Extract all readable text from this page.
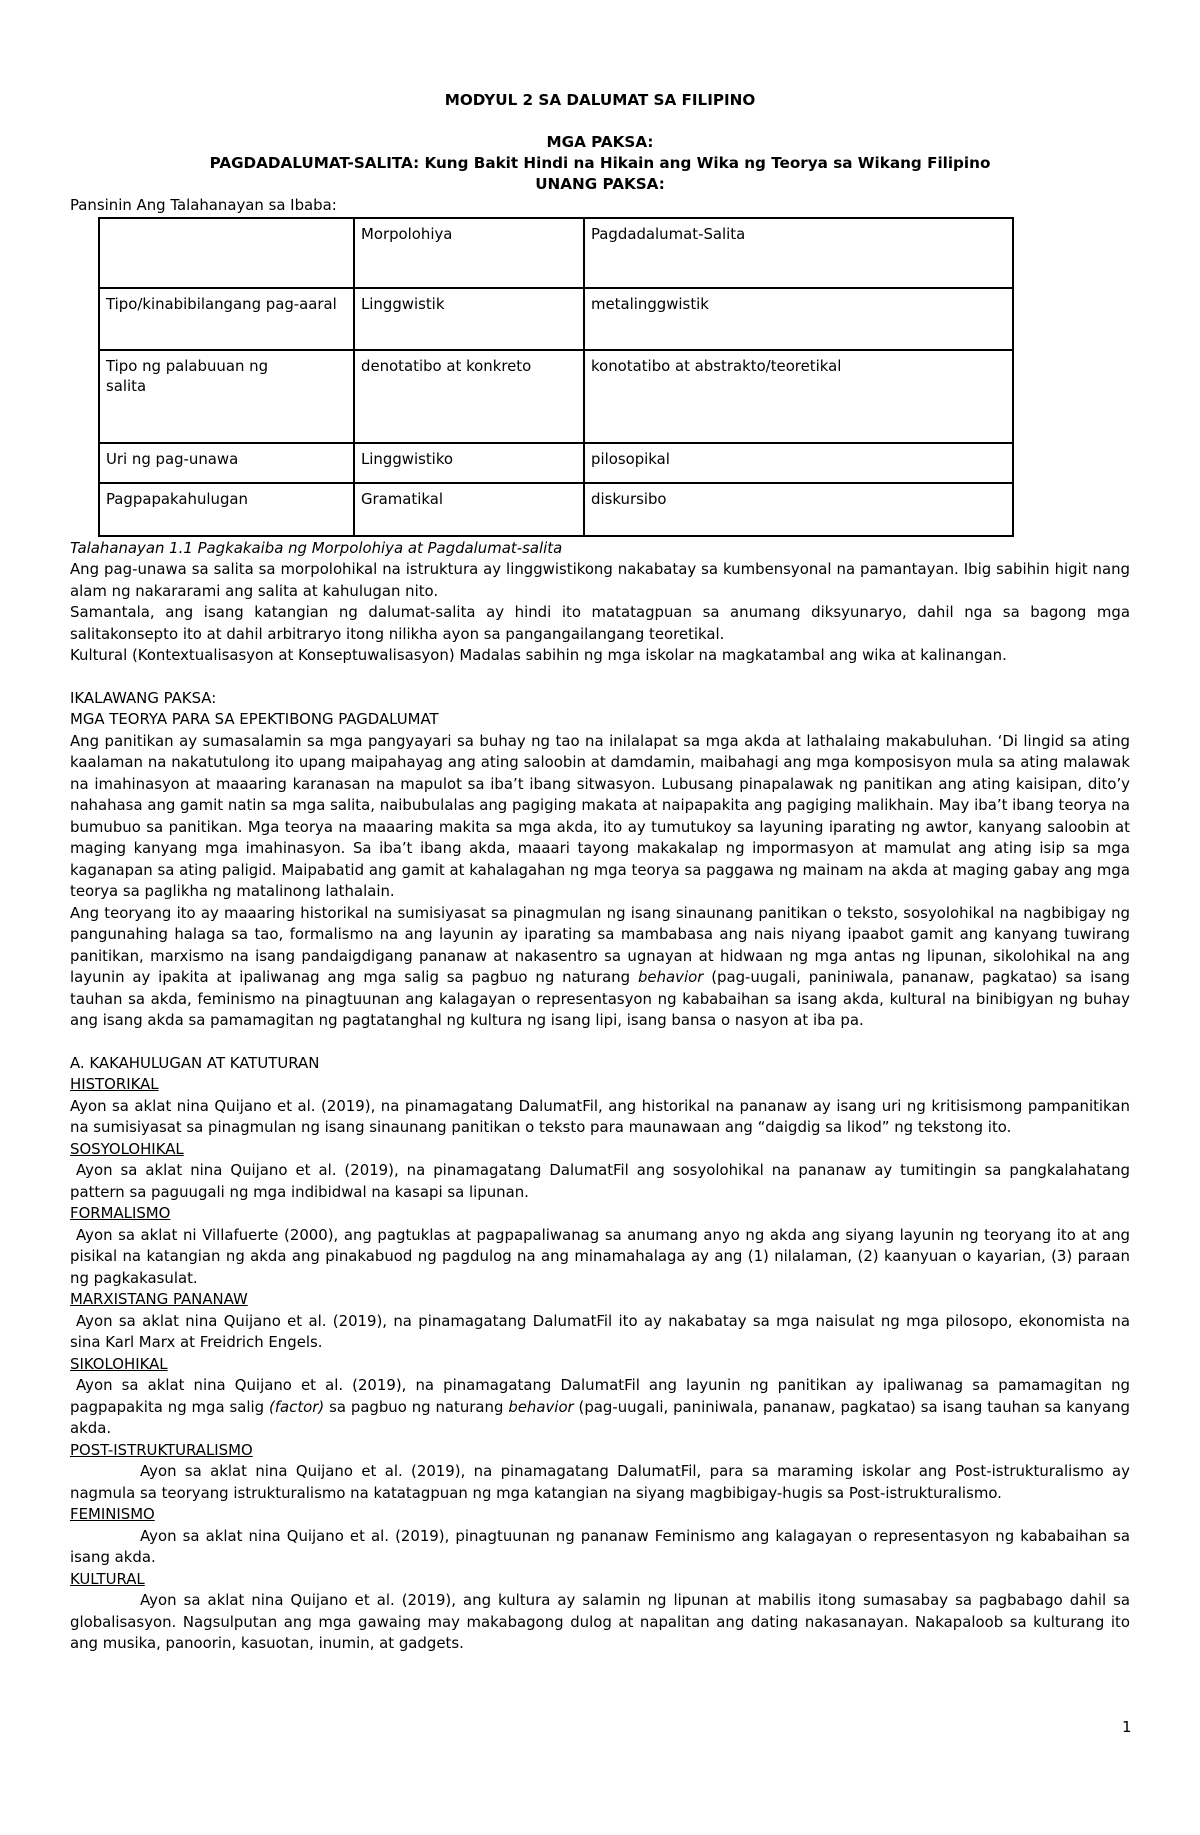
MODYUL 2 SA DALUMAT SA FILIPINO
MGA PAKSA:
PAGDADALUMAT-SALITA: Kung Bakit Hindi na Hikain ang Wika ng Teorya sa Wikang Filipino
UNANG PAKSA:
Pansinin Ang Talahanayan sa Ibaba:
	Morpolohiya	Pagdadalumat-Salita
Tipo/kinabibilangang pag-aaral	Linggwistik	metalinggwistik
Tipo ng palabuuan ng salita	denotatibo at konkreto	konotatibo at abstrakto/teoretikal
Uri ng pag-unawa	Linggwistiko	pilosopikal
Pagpapakahulugan	Gramatikal	diskursibo
Talahanayan 1.1 Pagkakaiba ng Morpolohiya at Pagdalumat-salita
Ang pag-unawa sa salita sa morpolohikal na istruktura ay linggwistikong nakabatay sa kumbensyonal na pamantayan. Ibig sabihin higit nang alam ng nakararami ang salita at kahulugan nito.
Samantala, ang isang katangian ng dalumat-salita ay hindi ito matatagpuan sa anumang diksyunaryo, dahil nga sa bagong mga salitakonsepto ito at dahil arbitraryo itong nilikha ayon sa pangangailangang teoretikal.
Kultural (Kontextualisasyon at Konseptuwalisasyon) Madalas sabihin ng mga iskolar na magkatambal ang wika at kalinangan.
IKALAWANG PAKSA:
MGA TEORYA PARA SA EPEKTIBONG PAGDALUMAT
Ang panitikan ay sumasalamin sa mga pangyayari sa buhay ng tao na inilalapat sa mga akda at lathalaing makabuluhan. ‘Di lingid sa ating kaalaman na nakatutulong ito upang maipahayag ang ating saloobin at damdamin, maibahagi ang mga komposisyon mula sa ating malawak na imahinasyon at maaaring karanasan na mapulot sa iba’t ibang sitwasyon. Lubusang pinapalawak ng panitikan ang ating kaisipan, dito’y nahahasa ang gamit natin sa mga salita, naibubulalas ang pagiging makata at naipapakita ang pagiging malikhain. May iba’t ibang teorya na bumubuo sa panitikan. Mga teorya na maaaring makita sa mga akda, ito ay tumutukoy sa layuning iparating ng awtor, kanyang saloobin at maging kanyang mga imahinasyon. Sa iba’t ibang akda, maaari tayong makakalap ng impormasyon at mamulat ang ating isip sa mga kaganapan sa ating paligid. Maipabatid ang gamit at kahalagahan ng mga teorya sa paggawa ng mainam na akda at maging gabay ang mga teorya sa paglikha ng matalinong lathalain.
Ang teoryang ito ay maaaring historikal na sumisiyasat sa pinagmulan ng isang sinaunang panitikan o teksto, sosyolohikal na nagbibigay ng pangunahing halaga sa tao, formalismo na ang layunin ay iparating sa mambabasa ang nais niyang ipaabot gamit ang kanyang tuwirang panitikan, marxismo na isang pandaigdigang pananaw at nakasentro sa ugnayan at hidwaan ng mga antas ng lipunan, sikolohikal na ang layunin ay ipakita at ipaliwanag ang mga salig sa pagbuo ng naturang behavior (pag-uugali, paniniwala, pananaw, pagkatao) sa isang tauhan sa akda, feminismo na pinagtuunan ang kalagayan o representasyon ng kababaihan sa isang akda, kultural na binibigyan ng buhay ang isang akda sa pamamagitan ng pagtatanghal ng kultura ng isang lipi, isang bansa o nasyon at iba pa.
A. KAKAHULUGAN AT KATUTURAN
HISTORIKAL
Ayon sa aklat nina Quijano et al. (2019), na pinamagatang DalumatFil, ang historikal na pananaw ay isang uri ng kritisismong pampanitikan na sumisiyasat sa pinagmulan ng isang sinaunang panitikan o teksto para maunawaan ang “daigdig sa likod” ng tekstong ito.
SOSYOLOHIKAL
Ayon sa aklat nina Quijano et al. (2019), na pinamagatang DalumatFil ang sosyolohikal na pananaw ay tumitingin sa pangkalahatang pattern sa paguugali ng mga indibidwal na kasapi sa lipunan.
FORMALISMO
Ayon sa aklat ni Villafuerte (2000), ang pagtuklas at pagpapaliwanag sa anumang anyo ng akda ang siyang layunin ng teoryang ito at ang pisikal na katangian ng akda ang pinakabuod ng pagdulog na ang minamahalaga ay ang (1) nilalaman, (2) kaanyuan o kayarian, (3) paraan ng pagkakasulat.
MARXISTANG PANANAW
Ayon sa aklat nina Quijano et al. (2019), na pinamagatang DalumatFil ito ay nakabatay sa mga naisulat ng mga pilosopo, ekonomista na sina Karl Marx at Freidrich Engels.
SIKOLOHIKAL
Ayon sa aklat nina Quijano et al. (2019), na pinamagatang DalumatFil ang layunin ng panitikan ay ipaliwanag sa pamamagitan ng pagpapakita ng mga salig (factor) sa pagbuo ng naturang behavior (pag-uugali, paniniwala, pananaw, pagkatao) sa isang tauhan sa kanyang akda.
POST-ISTRUKTURALISMO
Ayon sa aklat nina Quijano et al. (2019), na pinamagatang DalumatFil, para sa maraming iskolar ang Post-istrukturalismo ay nagmula sa teoryang istrukturalismo na katatagpuan ng mga katangian na siyang magbibigay-hugis sa Post-istrukturalismo.
FEMINISMO
Ayon sa aklat nina Quijano et al. (2019), pinagtuunan ng pananaw Feminismo ang kalagayan o representasyon ng kababaihan sa isang akda.
KULTURAL
Ayon sa aklat nina Quijano et al. (2019), ang kultura ay salamin ng lipunan at mabilis itong sumasabay sa pagbabago dahil sa globalisasyon. Nagsulputan ang mga gawaing may makabagong dulog at napalitan ang dating nakasanayan. Nakapaloob sa kulturang ito ang musika, panoorin, kasuotan, inumin, at gadgets.
1
